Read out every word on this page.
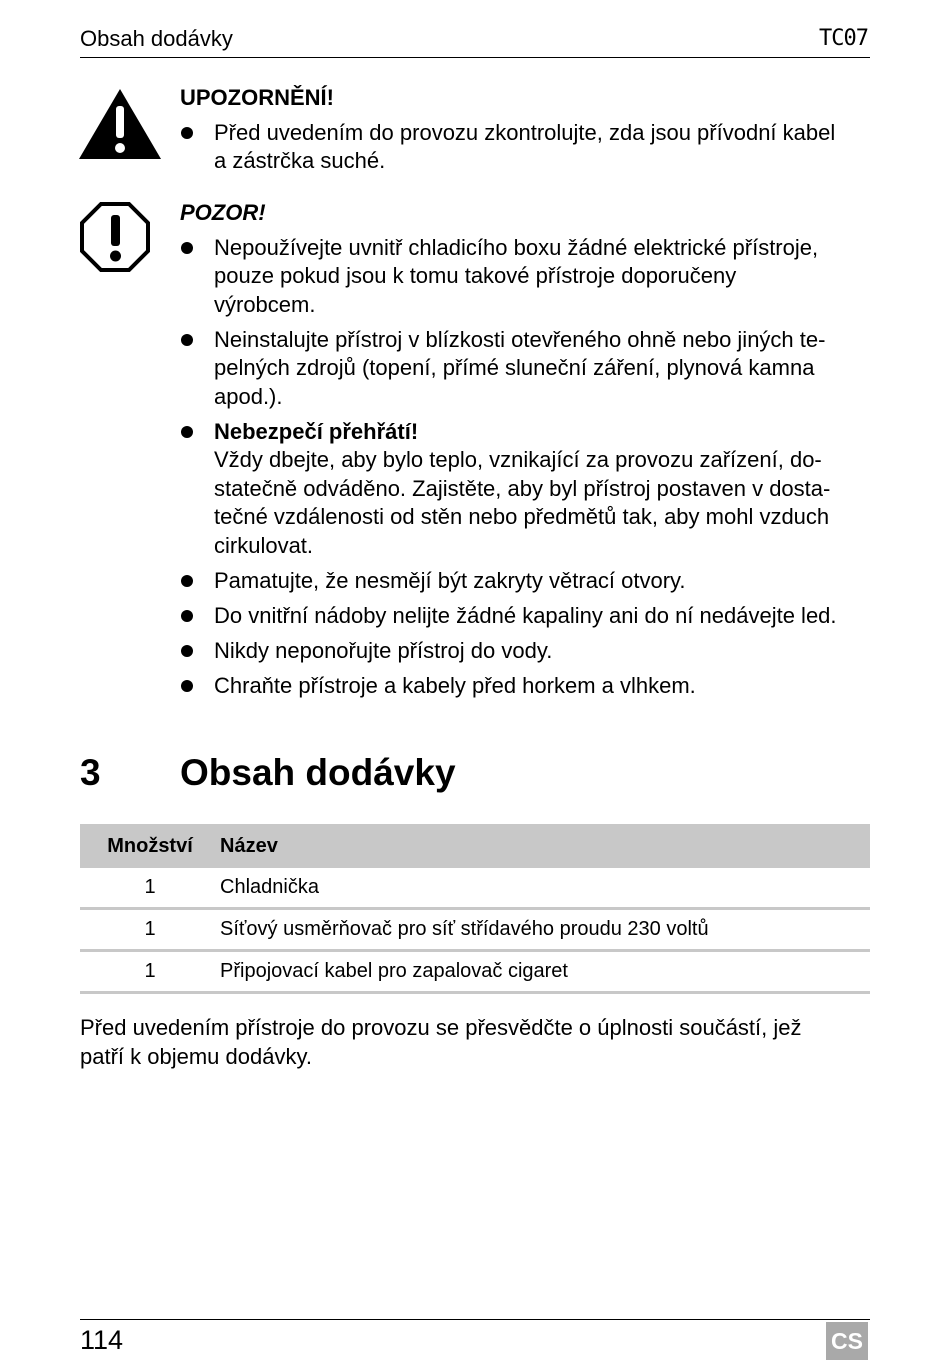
Obsah dodávky	TC07
UPOZORNĚNÍ!
Před uvedením do provozu zkontrolujte, zda jsou přívodní kabel
a zástrčka suché.
POZOR!
Nepoužívejte uvnitř chladicího boxu žádné elektrické přístroje,
pouze pokud jsou k tomu takové přístroje doporučeny
výrobcem.
Neinstalujte přístroj v blízkosti otevřeného ohně nebo jiných te-
pelných zdrojů (topení, přímé sluneční záření, plynová kamna
apod.).
Nebezpečí přehřátí!
Vždy dbejte, aby bylo teplo, vznikající za provozu zařízení, do-
statečně odváděno. Zajistěte, aby byl přístroj postaven v dosta-
tečné vzdálenosti od stěn nebo předmětů tak, aby mohl vzduch
cirkulovat.
Pamatujte, že nesmějí být zakryty větrací otvory.
Do vnitřní nádoby nelijte žádné kapaliny ani do ní nedávejte led.
Nikdy neponořujte přístroj do vody.
Chraňte přístroje a kabely před horkem a vlhkem.
3 Obsah dodávky
Množství	Název
1	Chladnička
1	Síťový usměrňovač pro síť střídavého proudu 230 voltů
1	Připojovací kabel pro zapalovač cigaret
Před uvedením přístroje do provozu se přesvědčte o úplnosti součástí, jež
patří k objemu dodávky.
114	CS
